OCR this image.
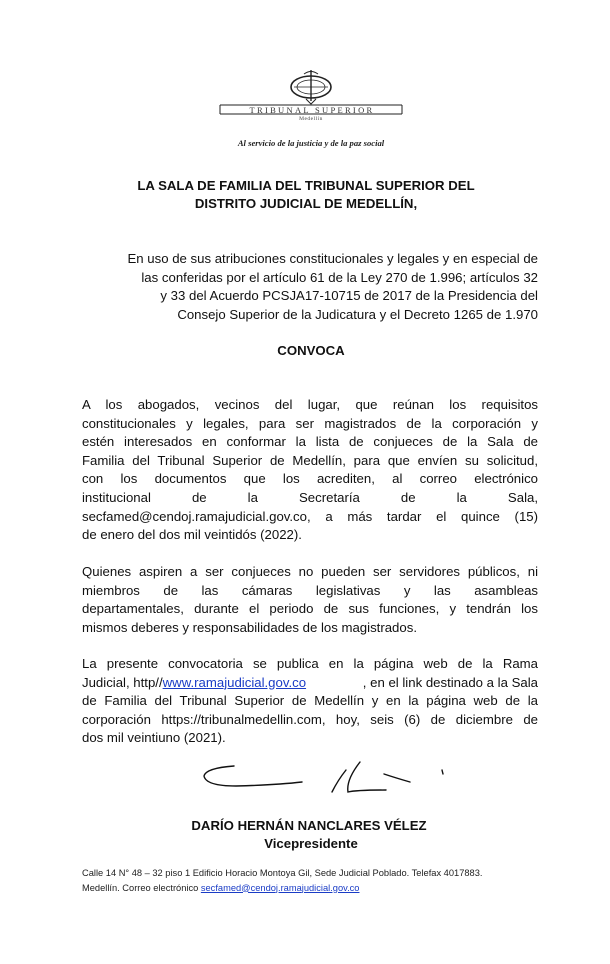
TRIBUNAL SUPERIOR
Medellín
Al servicio de la justicia y de la paz social
LA SALA DE FAMILIA DEL TRIBUNAL SUPERIOR DEL
DISTRITO JUDICIAL DE MEDELLÍN,
En uso de sus atribuciones constitucionales y legales y en especial de
las conferidas por el artículo 61 de la Ley 270 de 1.996; artículos 32
y 33 del Acuerdo PCSJA17-10715 de 2017 de la Presidencia del
Consejo Superior de la Judicatura y el Decreto 1265 de 1.970
CONVOCA
A los abogados, vecinos del lugar, que reúnan los requisitos
constitucionales y legales, para ser magistrados de la corporación y
estén interesados en conformar la lista de conjueces de la Sala de
Familia del Tribunal Superior de Medellín, para que envíen su solicitud,
con los documentos que los acrediten, al correo electrónico
institucional de la Secretaría de la Sala,
secfamed@cendoj.ramajudicial.gov.co, a más tardar el quince (15)
de enero del dos mil veintidós (2022).
Quienes aspiren a ser conjueces no pueden ser servidores públicos, ni
miembros de las cámaras legislativas y las asambleas
departamentales, durante el periodo de sus funciones, y tendrán los
mismos deberes y responsabilidades de los magistrados.
La presente convocatoria se publica en la página web de la Rama
Judicial, http//www.ramajudicial.gov.co	, en el link destinado a la Sala
de Familia del Tribunal Superior de Medellín y en la página web de la
corporación https://tribunalmedellin.com, hoy, seis (6) de diciembre de
dos mil veintiuno (2021).
DARÍO HERNÁN NANCLARES VÉLEZ
Vicepresidente
Calle 14 N° 48 – 32 piso 1 Edificio Horacio Montoya Gil, Sede Judicial Poblado. Telefax 4017883.
Medellín. Correo electrónico secfamed@cendoj.ramajudicial.gov.co
